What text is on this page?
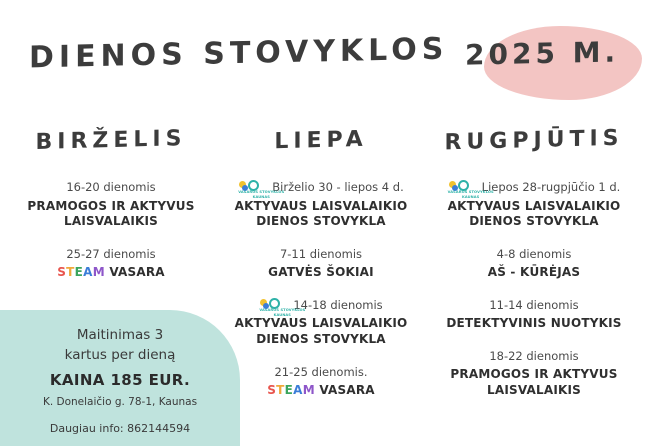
DIENOS STOVYKLOS 2025 M.
BIRŽELIS	LIEPA	RUGPJŪTIS
16-20 dienomis
PRAMOGOS IR AKTYVUS LAISVALAIKIS
25-27 dienomis
STEAM VASARA
VASAROS STOVYKLOS
KAUNAS
Birželio 30 - liepos 4 d.
AKTYVAUS LAISVALAIKIO DIENOS STOVYKLA
7-11 dienomis
GATVĖS ŠOKIAI
VASAROS STOVYKLOS
KAUNAS
14-18 dienomis
AKTYVAUS LAISVALAIKIO DIENOS STOVYKLA
21-25 dienomis.
STEAM VASARA
VASAROS STOVYKLOS
KAUNAS
Liepos 28-rugpjūčio 1 d.
AKTYVAUS LAISVALAIKIO DIENOS STOVYKLA
4-8 dienomis
AŠ - KŪRĖJAS
11-14 dienomis
DETEKTYVINIS NUOTYKIS
18-22 dienomis
PRAMOGOS IR AKTYVUS LAISVALAIKIS
Maitinimas 3
kartus per dieną
KAINA 185 EUR.
K. Donelaičio g. 78-1, Kaunas
Daugiau info: 862144594
